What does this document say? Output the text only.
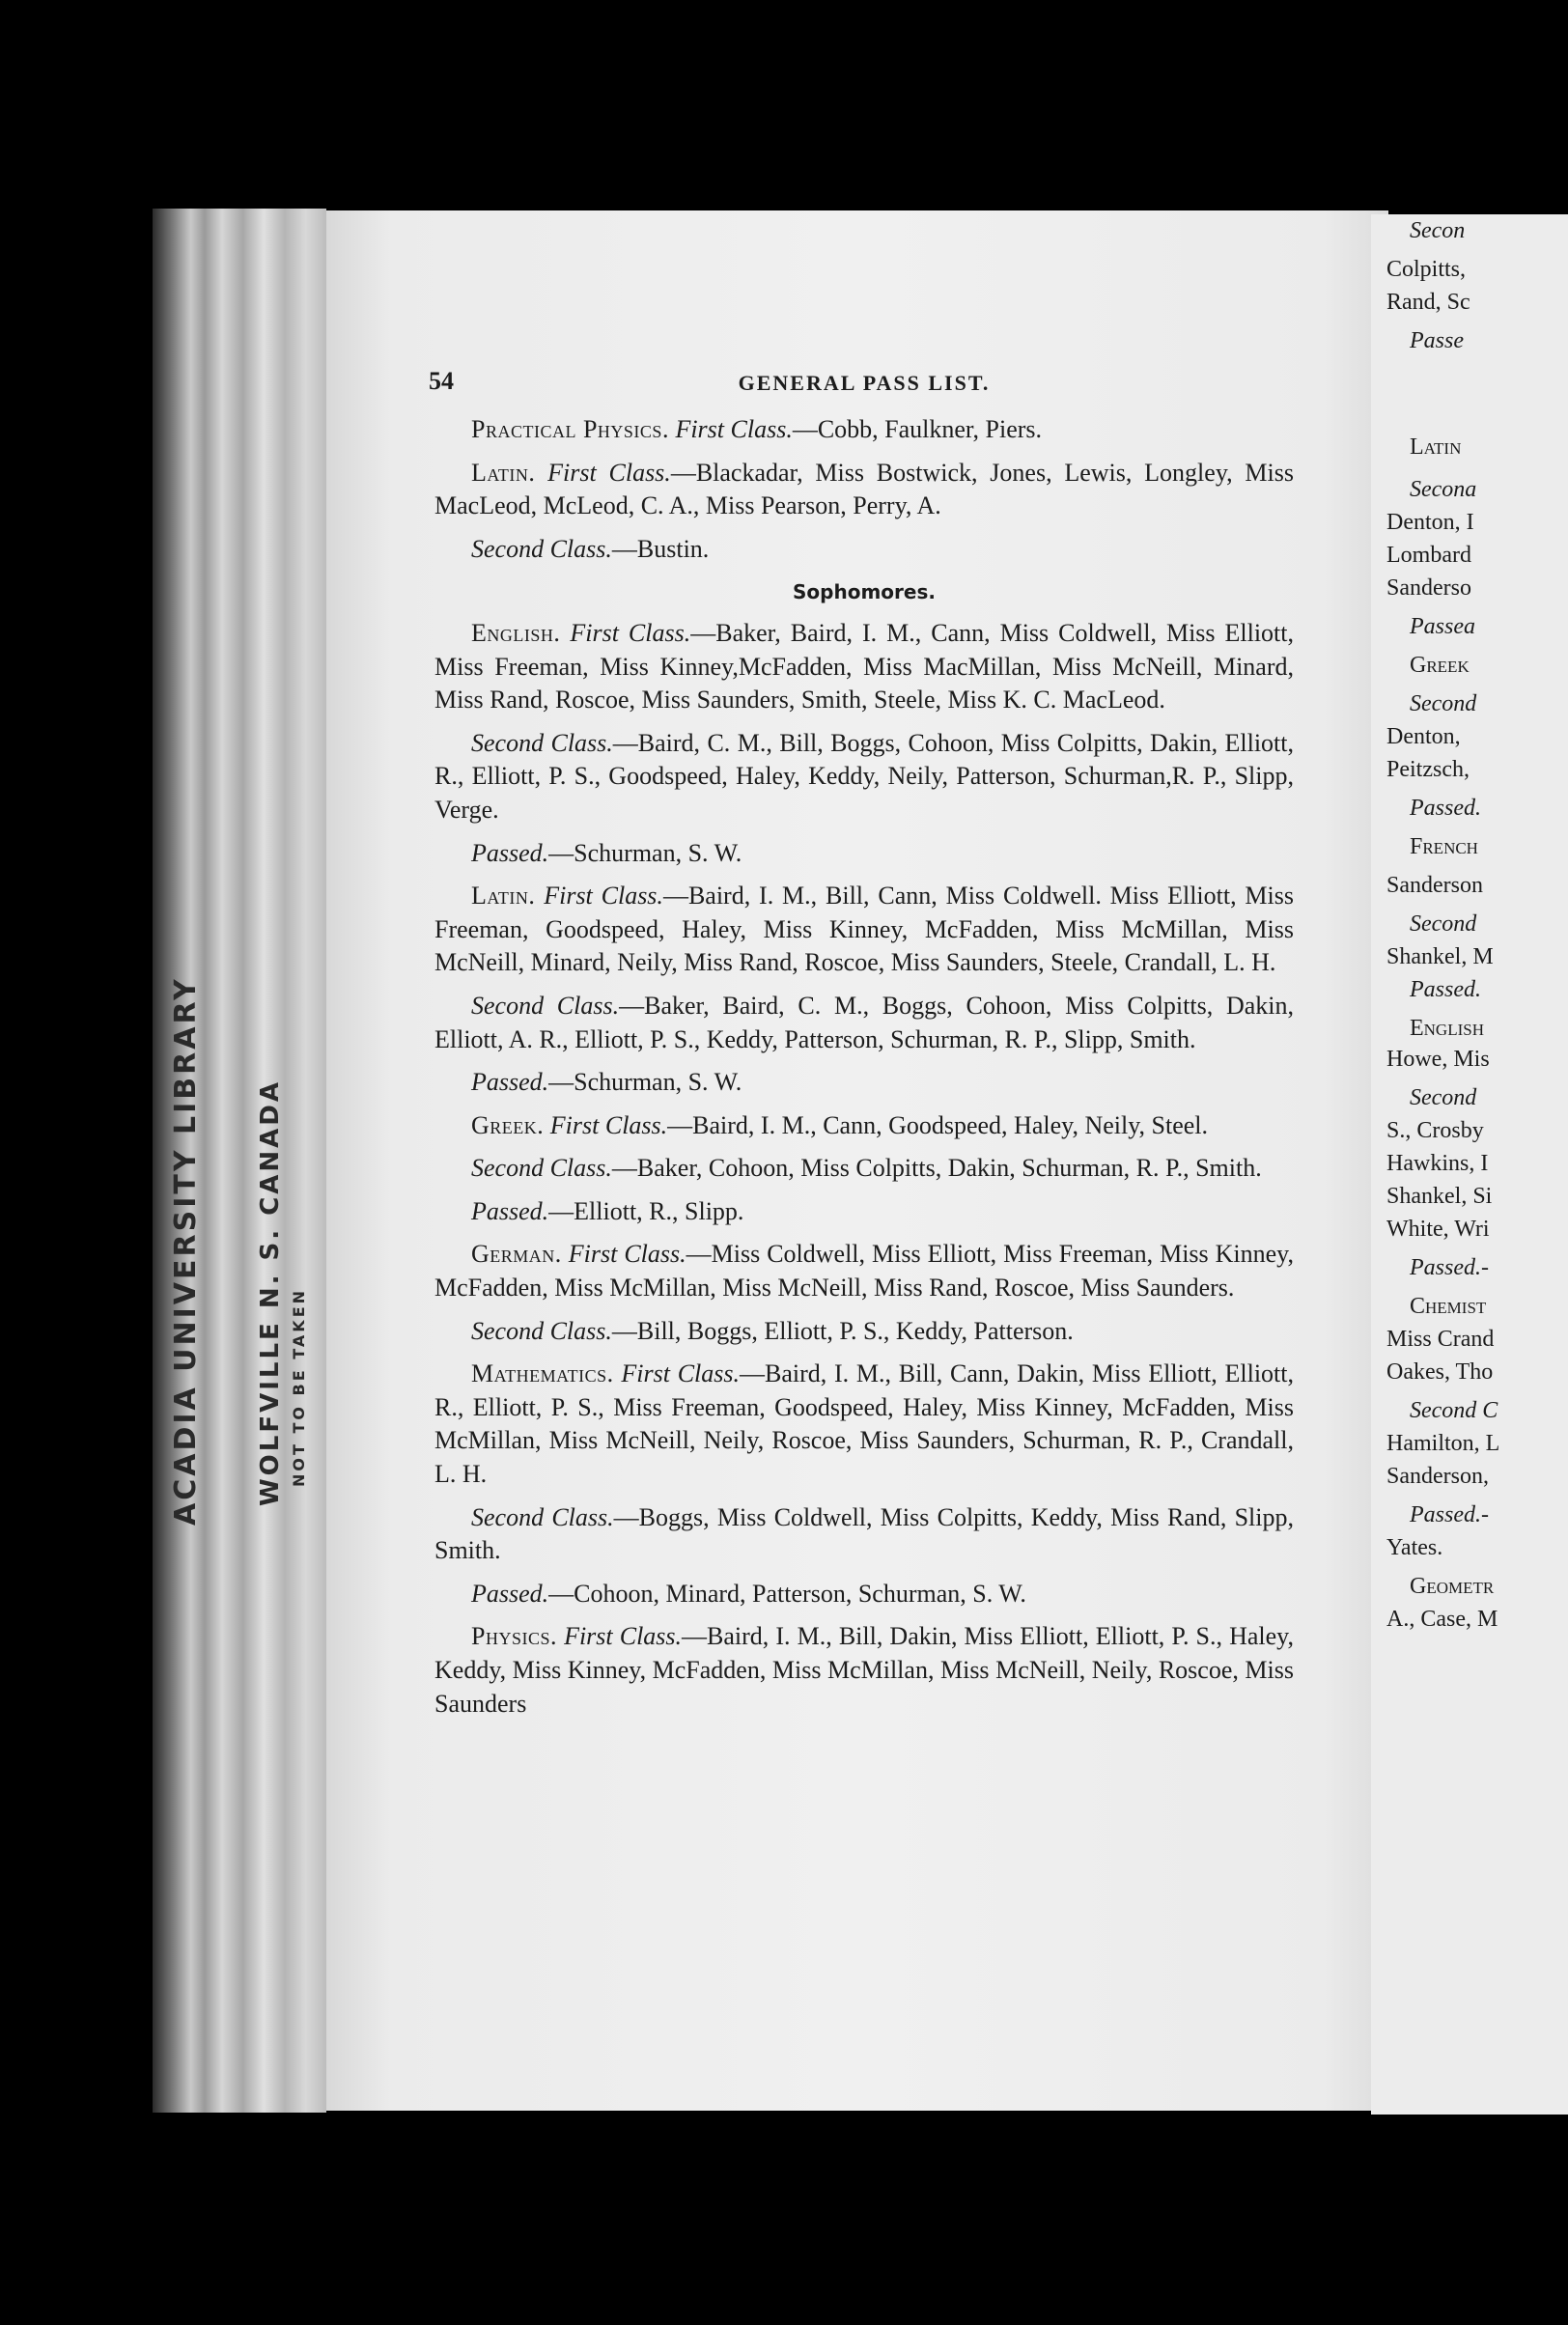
ACADIA UNIVERSITY LIBRARY WOLFVILLE N. S. CANADA NOT TO BE TAKEN
54	GENERAL PASS LIST.

Practical Physics. First Class.—Cobb, Faulkner, Piers.

Latin. First Class.—Blackadar, Miss Bostwick, Jones, Lewis, Longley, Miss MacLeod, McLeod, C. A., Miss Pearson, Perry, A.

Second Class.—Bustin.

Sophomores.

English. First Class.—Baker, Baird, I. M., Cann, Miss Coldwell, Miss Elliott, Miss Freeman, Miss Kinney,McFadden, Miss MacMillan, Miss McNeill, Minard, Miss Rand, Roscoe, Miss Saunders, Smith, Steele, Miss K. C. MacLeod.

Second Class.—Baird, C. M., Bill, Boggs, Cohoon, Miss Colpitts, Dakin, Elliott, R., Elliott, P. S., Goodspeed, Haley, Keddy, Neily, Patterson, Schurman,R. P., Slipp, Verge.

Passed.—Schurman, S. W.

Latin. First Class.—Baird, I. M., Bill, Cann, Miss Coldwell. Miss Elliott, Miss Freeman, Goodspeed, Haley, Miss Kinney, McFadden, Miss McMillan, Miss McNeill, Minard, Neily, Miss Rand, Roscoe, Miss Saunders, Steele, Crandall, L. H.

Second Class.—Baker, Baird, C. M., Boggs, Cohoon, Miss Colpitts, Dakin, Elliott, A. R., Elliott, P. S., Keddy, Patterson, Schurman, R. P., Slipp, Smith.

Passed.—Schurman, S. W.

Greek. First Class.—Baird, I. M., Cann, Goodspeed, Haley, Neily, Steel.

Second Class.—Baker, Cohoon, Miss Colpitts, Dakin, Schurman, R. P., Smith.

Passed.—Elliott, R., Slipp.

German. First Class.—Miss Coldwell, Miss Elliott, Miss Freeman, Miss Kinney, McFadden, Miss McMillan, Miss McNeill, Miss Rand, Roscoe, Miss Saunders.

Second Class.—Bill, Boggs, Elliott, P. S., Keddy, Patterson.

Mathematics. First Class.—Baird, I. M., Bill, Cann, Dakin, Miss Elliott, Elliott, R., Elliott, P. S., Miss Freeman, Goodspeed, Haley, Miss Kinney, McFadden, Miss McMillan, Miss McNeill, Neily, Roscoe, Miss Saunders, Schurman, R. P., Crandall, L. H.

Second Class.—Boggs, Miss Coldwell, Miss Colpitts, Keddy, Miss Rand, Slipp, Smith.

Passed.—Cohoon, Minard, Patterson, Schurman, S. W.

Physics. First Class.—Baird, I. M., Bill, Dakin, Miss Elliott, Elliott, P. S., Haley, Keddy, Miss Kinney, McFadden, Miss McMillan, Miss McNeill, Neily, Roscoe, Miss Saunders

Secon
Colpitts,
Rand, Sc
Passe
Latin
Secona
Denton, I
Lombard
Sanderso
Passea
Greek
Second
Denton,
Peitzsch,
Passed.
French
Sanderson
Second
Shankel, M
Passed.
English
Howe, Mis
Second
S., Crosby
Hawkins, I
Shankel, Si
White, Wri
Passed.-
Chemist
Miss Crand
Oakes, Tho
Second C
Hamilton, L
Sanderson,
Passed.-
Yates.
Geometr
A., Case, M
